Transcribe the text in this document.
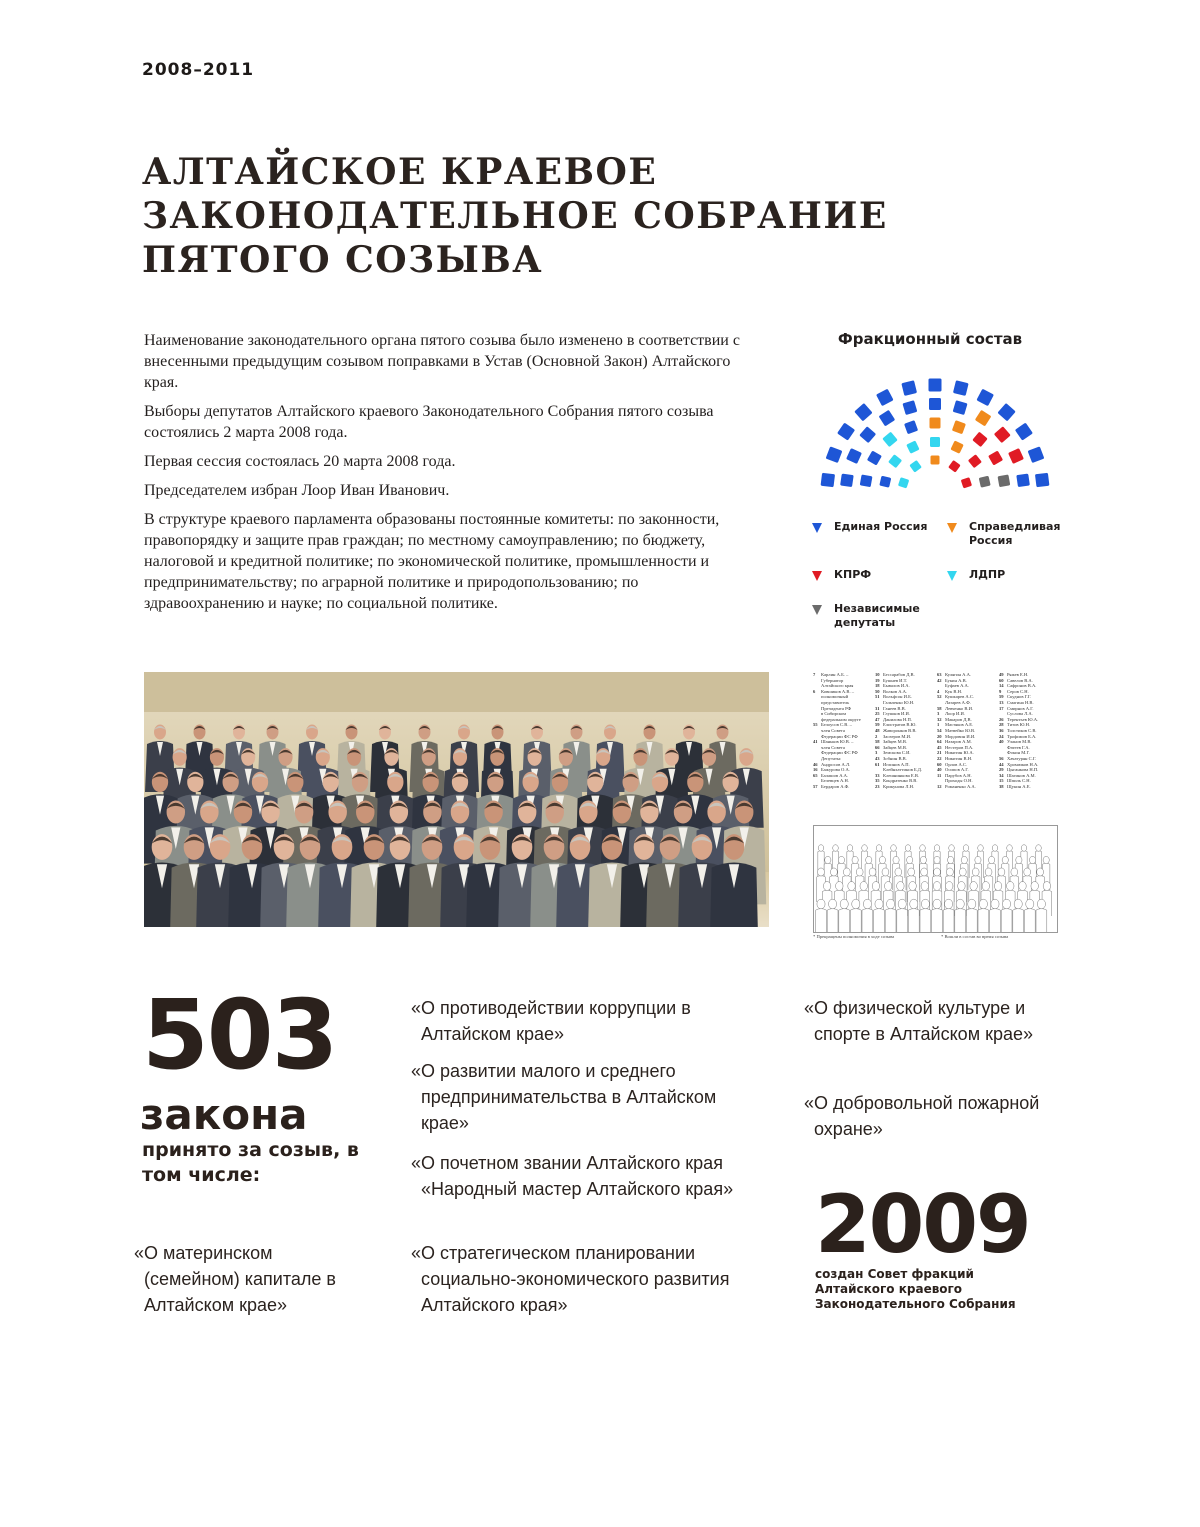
2008–2011
АЛТАЙСКОЕ КРАЕВОЕ
ЗАКОНОДАТЕЛЬНОЕ СОБРАНИЕ
ПЯТОГО СОЗЫВА

Наименование законодательного органа пятого созыва было изменено в соответствии с внесенными предыдущим созывом поправками в Устав (Основной Закон) Алтайского края.

Выборы депутатов Алтайского краевого Законодательного Собрания пятого созыва состоялись 2 марта 2008 года.

Первая сессия состоялась 20 марта 2008 года.

Председателем избран Лоор Иван Иванович.

В структуре краевого парламента образованы постоянные комитеты: по законности, правопорядку и защите прав граждан; по местному самоуправлению; по бюджету, налоговой и кредитной политике; по экономической политике, промышленности и предпринимательству; по аграрной политике и природопользованию; по здравоохранению и науке; по социальной политике.

Фракционный состав
Единая Россия	Справедливая Россия
КПРФ	ЛДПР
Независимые депутаты
7 Карлин А.Б. –
Губернатор
Алтайского края
6 Ковшиков А.В. –
полномочный
представитель
Президента РФ
в Сибирском
федеральном округе
55 Белоусов С.В. –
член Совета
Федерации ФС РФ
41 Шаньков Ю.В. –
член Совета
Федерации ФС РФ
Депутаты:
46 Андросов А.Л.
16 Бажурова О.А.
65 Балашов А.А.
Белевцев А.Н.
57 Бердаров А.Ф.
10 Бессарабов Д.В.
19 Бушнев И.Т.
18 Бывалов И.А.
50 Волков А.А.
51 Вольфсон И.Б.
Гальченко Ю.Н.
31 Ганеев В.В.
25 Глушков И.И.
47 Данилова Н.П.
59 Елистратов В.Ю.
48 Жаворонков В.В.
2 Заозеров М.И.
58 Зайцев М.В.
66 Зайцев М.В.
3 Земскова С.И.
43 Зобнин В.В.
61 Иглинов А.П.
Клейнхаттинов Б.Д.
33 Клешнинкова Е.В.
35 Кондратенко В.В.
23 Крикунова Л.Н.
63 Кулягин А.А.
42 Букин А.В.
Буфаев А.А.
4 Кук В.Н.
52 Кушкарев А.С.
Лазарев А.Ф.
58 Левченко В.И.
3 Лоор И.И.
32 Макаров Д.В.
1 Мастяков А.Е.
54 Матвейко Ю.В.
20 Мордовин И.И.
64 Назаров А.М.
45 Нестеров П.А.
21 Никитин Ю.А.
22 Никитин В.Н.
60 Орлов А.С.
40 Осипов А.Г.
11 Парубов А.Н.
Проходы О.Н.
12 Романенко А.А.
49 Ряжев Е.Н.
60 Савелов В.А.
14 Сафронов В.А.
9 Серов С.Н.
59 Скуднов Г.Г.
13 Смагина Н.В.
17 Смирнов А.Г.
Суслова Л.А.
26 Терентьев Ю.А.
28 Титов Ю.Н.
36 Толстиков С.В.
24 Трофимов Б.А.
40 Уланов М.В.
Фатеев Г.А.
Фокин М.Г.
56 Хачатурян С.Г.
44 Хромачков Н.А.
29 Цыганкова Н.П.
34 Шагинов А.М.
15 Шпиль С.Н.
38 Щукин А.Е.
* Прекращены полномочия в ходе созыва	* Вошли в состав во время созыва
503
закона
принято за созыв, в том числе:
«О противодействии коррупции в Алтайском крае»
«О развитии малого и среднего предпринимательства в Алтайском крае»
«О почетном звании Алтайского края «Народный мастер Алтайского края»
«О стратегическом планировании социально-экономического развития Алтайского края»
«О материнском (семейном) капитале в Алтайском крае»
«О физической культуре и спорте в Алтайском крае»
«О добровольной пожарной охране»
2009
создан Совет фракций Алтайского краевого Законодательного Собрания
